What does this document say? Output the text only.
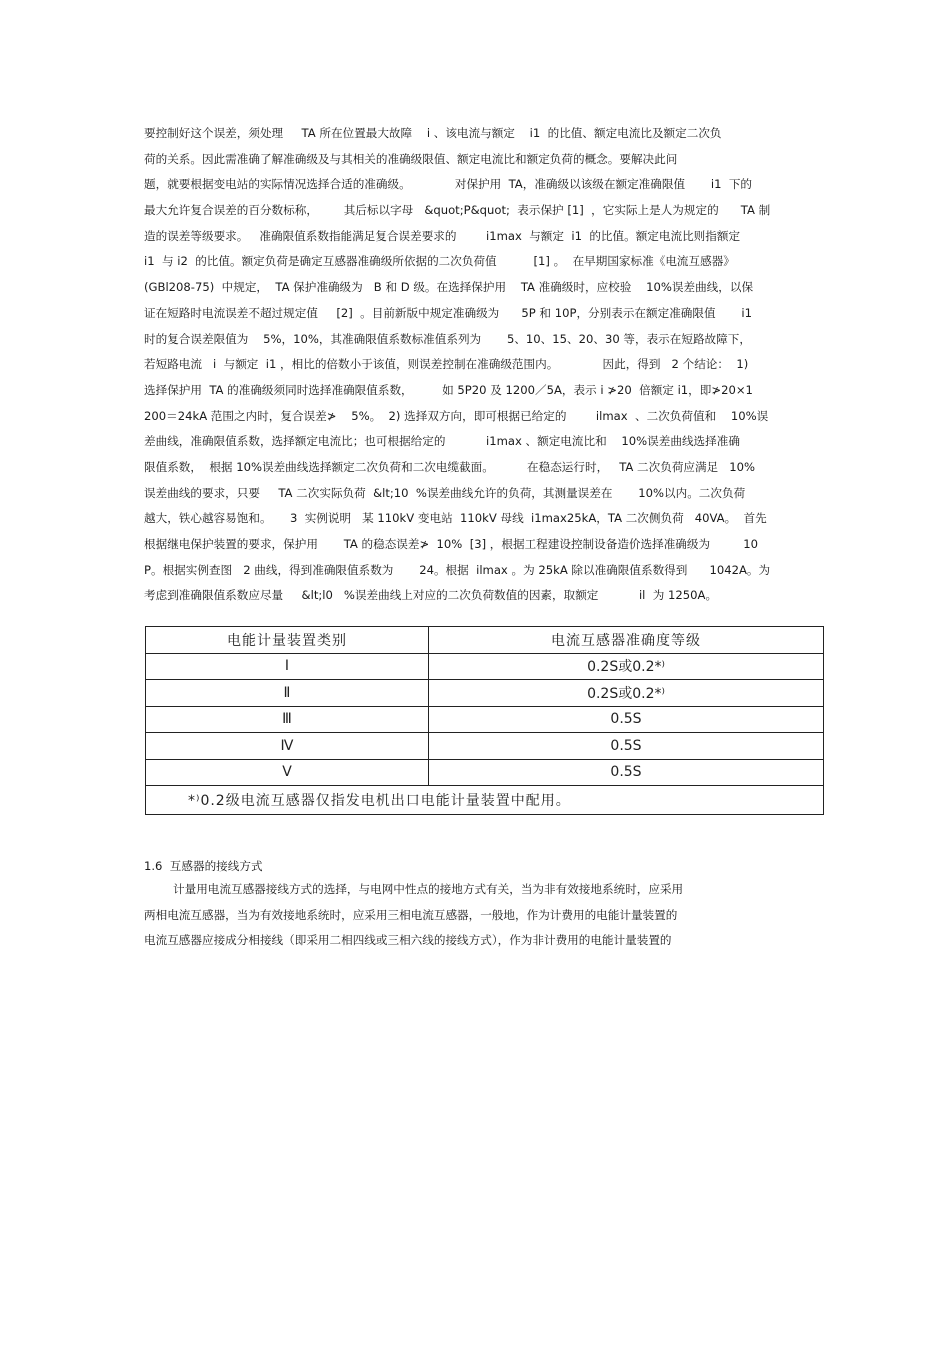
要控制好这个误差，须处理     TA 所在位置最大故障    i 、该电流与额定    i1  的比值、额定电流比及额定二次负
荷的关系。因此需准确了解准确级及与其相关的准确级限值、额定电流比和额定负荷的概念。要解决此问
题，就要根据变电站的实际情况选择合适的准确级。            对保护用  TA，准确级以该级在额定准确限值       i1  下的
最大允许复合误差的百分数标称，       其后标以字母   &quot;P&quot;  表示保护 [1]  ，它实际上是人为规定的      TA 制
造的误差等级要求。   准确限值系数指能满足复合误差要求的        i1max  与额定  i1  的比值。额定电流比则指额定
i1  与 i2  的比值。额定负荷是确定互感器准确级所依据的二次负荷值          [1] 。  在早期国家标准《电流互感器》
(GBl208-75)  中规定，  TA 保护准确级为   B 和 D 级。在选择保护用    TA 准确级时，应校验    10%误差曲线，以保
证在短路时电流误差不超过规定值     [2]  。目前新版中规定准确级为      5P 和 10P，分别表示在额定准确限值       i1
时的复合误差限值为    5%，10%，其准确限值系数标准值系列为       5、10、15、20、30 等，表示在短路故障下，
若短路电流   i  与额定  i1 ，相比的倍数小于该值，则误差控制在准确级范围内。            因此，得到   2 个结论：  1)
选择保护用  TA 的准确级须同时选择准确限值系数，        如 5P20 及 1200／5A，表示 i ≯20  倍额定 i1，即≯20×1
200＝24kA 范围之内时，复合误差≯    5%。  2) 选择双方向，即可根据已给定的        ilmax  、二次负荷值和    10%误
差曲线，准确限值系数，选择额定电流比；也可根据给定的           i1max 、额定电流比和    10%误差曲线选择准确
限值系数，  根据 10%误差曲线选择额定二次负荷和二次电缆截面。         在稳态运行时，   TA 二次负荷应满足   10%
误差曲线的要求，只要     TA 二次实际负荷  &lt;10  %误差曲线允许的负荷，其测量误差在       10%以内。二次负荷
越大，铁心越容易饱和。     3  实例说明   某 110kV 变电站  110kV 母线  i1max25kA，TA 二次侧负荷   40VA。  首先
根据继电保护装置的要求，保护用       TA 的稳态误差≯  10%  [3] ，根据工程建设控制设备造价选择准确级为         10
P。根据实例查图   2 曲线，得到准确限值系数为       24。根据  ilmax 。为 25kA 除以准确限值系数得到      1042A。为
考虑到准确限值系数应尽量     &lt;l0   %误差曲线上对应的二次负荷数值的因素，取额定           il  为 1250A。
电能计量装置类别	电流互感器准确度等级
Ⅰ	0.2S或0.2*⁾
Ⅱ	0.2S或0.2*⁾
Ⅲ	0.5S
Ⅳ	0.5S
Ⅴ	0.5S
*⁾0.2级电流互感器仅指发电机出口电能计量装置中配用。	
1.6  互感器的接线方式
计量用电流互感器接线方式的选择，与电网中性点的接地方式有关，当为非有效接地系统时，应采用
两相电流互感器，当为有效接地系统时，应采用三相电流互感器，一般地，作为计费用的电能计量装置的
电流互感器应接成分相接线（即采用二相四线或三相六线的接线方式），作为非计费用的电能计量装置的
